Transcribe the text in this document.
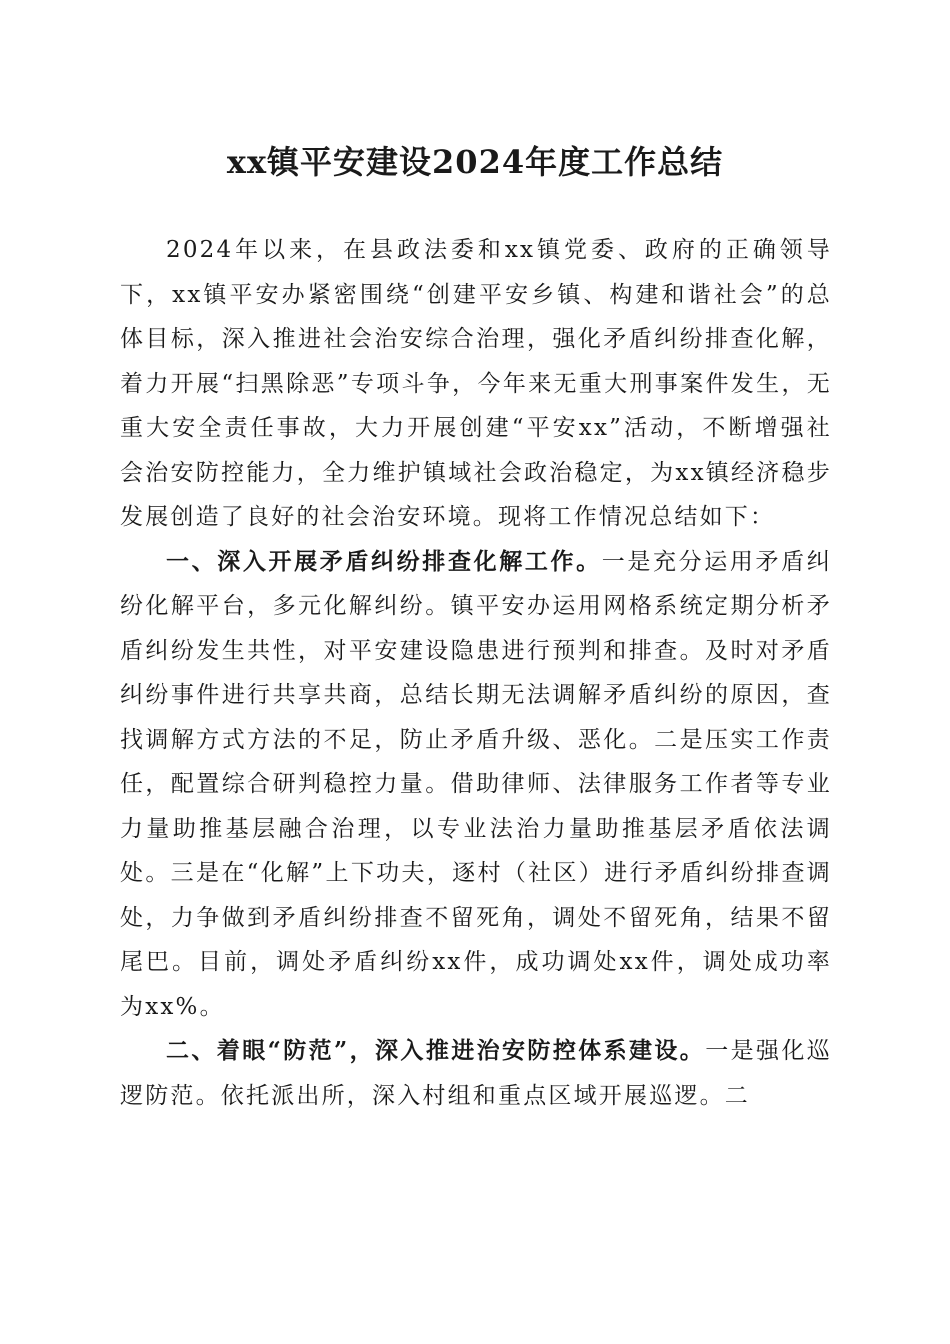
xx镇平安建设2024年度工作总结

2024年以来，在县政法委和xx镇党委、政府的正确领导下，xx镇平安办紧密围绕“创建平安乡镇、构建和谐社会”的总体目标，深入推进社会治安综合治理，强化矛盾纠纷排查化解，着力开展“扫黑除恶”专项斗争，今年来无重大刑事案件发生，无重大安全责任事故，大力开展创建“平安xx”活动，不断增强社会治安防控能力，全力维护镇域社会政治稳定，为xx镇经济稳步发展创造了良好的社会治安环境。现将工作情况总结如下：

一、深入开展矛盾纠纷排查化解工作。一是充分运用矛盾纠纷化解平台，多元化解纠纷。镇平安办运用网格系统定期分析矛盾纠纷发生共性，对平安建设隐患进行预判和排查。及时对矛盾纠纷事件进行共享共商，总结长期无法调解矛盾纠纷的原因，查找调解方式方法的不足，防止矛盾升级、恶化。二是压实工作责任，配置综合研判稳控力量。借助律师、法律服务工作者等专业力量助推基层融合治理，以专业法治力量助推基层矛盾依法调处。三是在“化解”上下功夫，逐村（社区）进行矛盾纠纷排查调处，力争做到矛盾纠纷排查不留死角，调处不留死角，结果不留尾巴。目前，调处矛盾纠纷xx件，成功调处xx件，调处成功率为xx%。

二、着眼“防范”，深入推进治安防控体系建设。一是强化巡逻防范。依托派出所，深入村组和重点区域开展巡逻。二
